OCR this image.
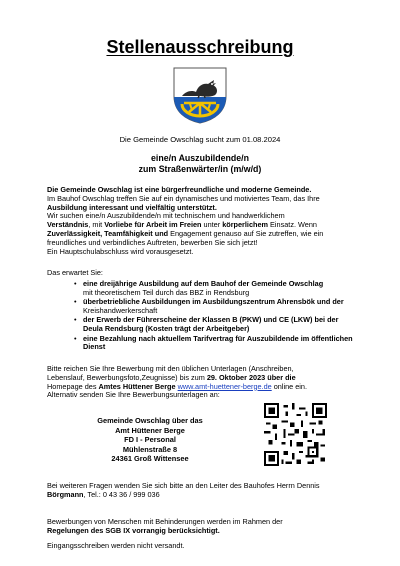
Stellenausschreibung
Die Gemeinde Owschlag sucht zum 01.08.2024
eine/n Auszubildende/n
zum Straßenwärter/in (m/w/d)
Die Gemeinde Owschlag ist eine bürgerfreundliche und moderne Gemeinde.
Im Bauhof Owschlag treffen Sie auf ein dynamisches und motiviertes Team, das Ihre
Ausbildung interessant und vielfältig unterstützt.
Wir suchen eine/n Auszubildende/n mit technischem und handwerklichem
Verständnis, mit Vorliebe für Arbeit im Freien unter körperlichem Einsatz. Wenn
Zuverlässigkeit, Teamfähigkeit und Engagement genauso auf Sie zutreffen, wie ein
freundliches und verbindliches Auftreten, bewerben Sie sich jetzt!
Ein Hauptschulabschluss wird vorausgesetzt.
Das erwartet Sie:
• eine dreijährige Ausbildung auf dem Bauhof der Gemeinde Owschlag
mit theoretischem Teil durch das BBZ in Rendsburg
• überbetriebliche Ausbildungen im Ausbildungszentrum Ahrensbök und der
Kreishandwerkerschaft
• der Erwerb der Führerscheine der Klassen B (PKW) und CE (LKW) bei der Deula Rendsburg (Kosten trägt der Arbeitgeber)
• eine Bezahlung nach aktuellem Tarifvertrag für Auszubildende im öffentlichen Dienst
Bitte reichen Sie Ihre Bewerbung mit den üblichen Unterlagen (Anschreiben,
Lebenslauf, Bewerbungsfoto,Zeugnisse) bis zum 29. Oktober 2023 über die
Homepage des Amtes Hüttener Berge www.amt-huettener-berge.de online ein.
Alternativ senden Sie Ihre Bewerbungsunterlagen an:
Gemeinde Owschlag über das
Amt Hüttener Berge
FD I - Personal
Mühlenstraße 8
24361 Groß Wittensee
Bei weiteren Fragen wenden Sie sich bitte an den Leiter des Bauhofes Herrn Dennis
Börgmann, Tel.: 0 43 36 / 999 036
Bewerbungen von Menschen mit Behinderungen werden im Rahmen der
Regelungen des SGB IX vorrangig berücksichtigt.
Eingangsschreiben werden nicht versandt.
